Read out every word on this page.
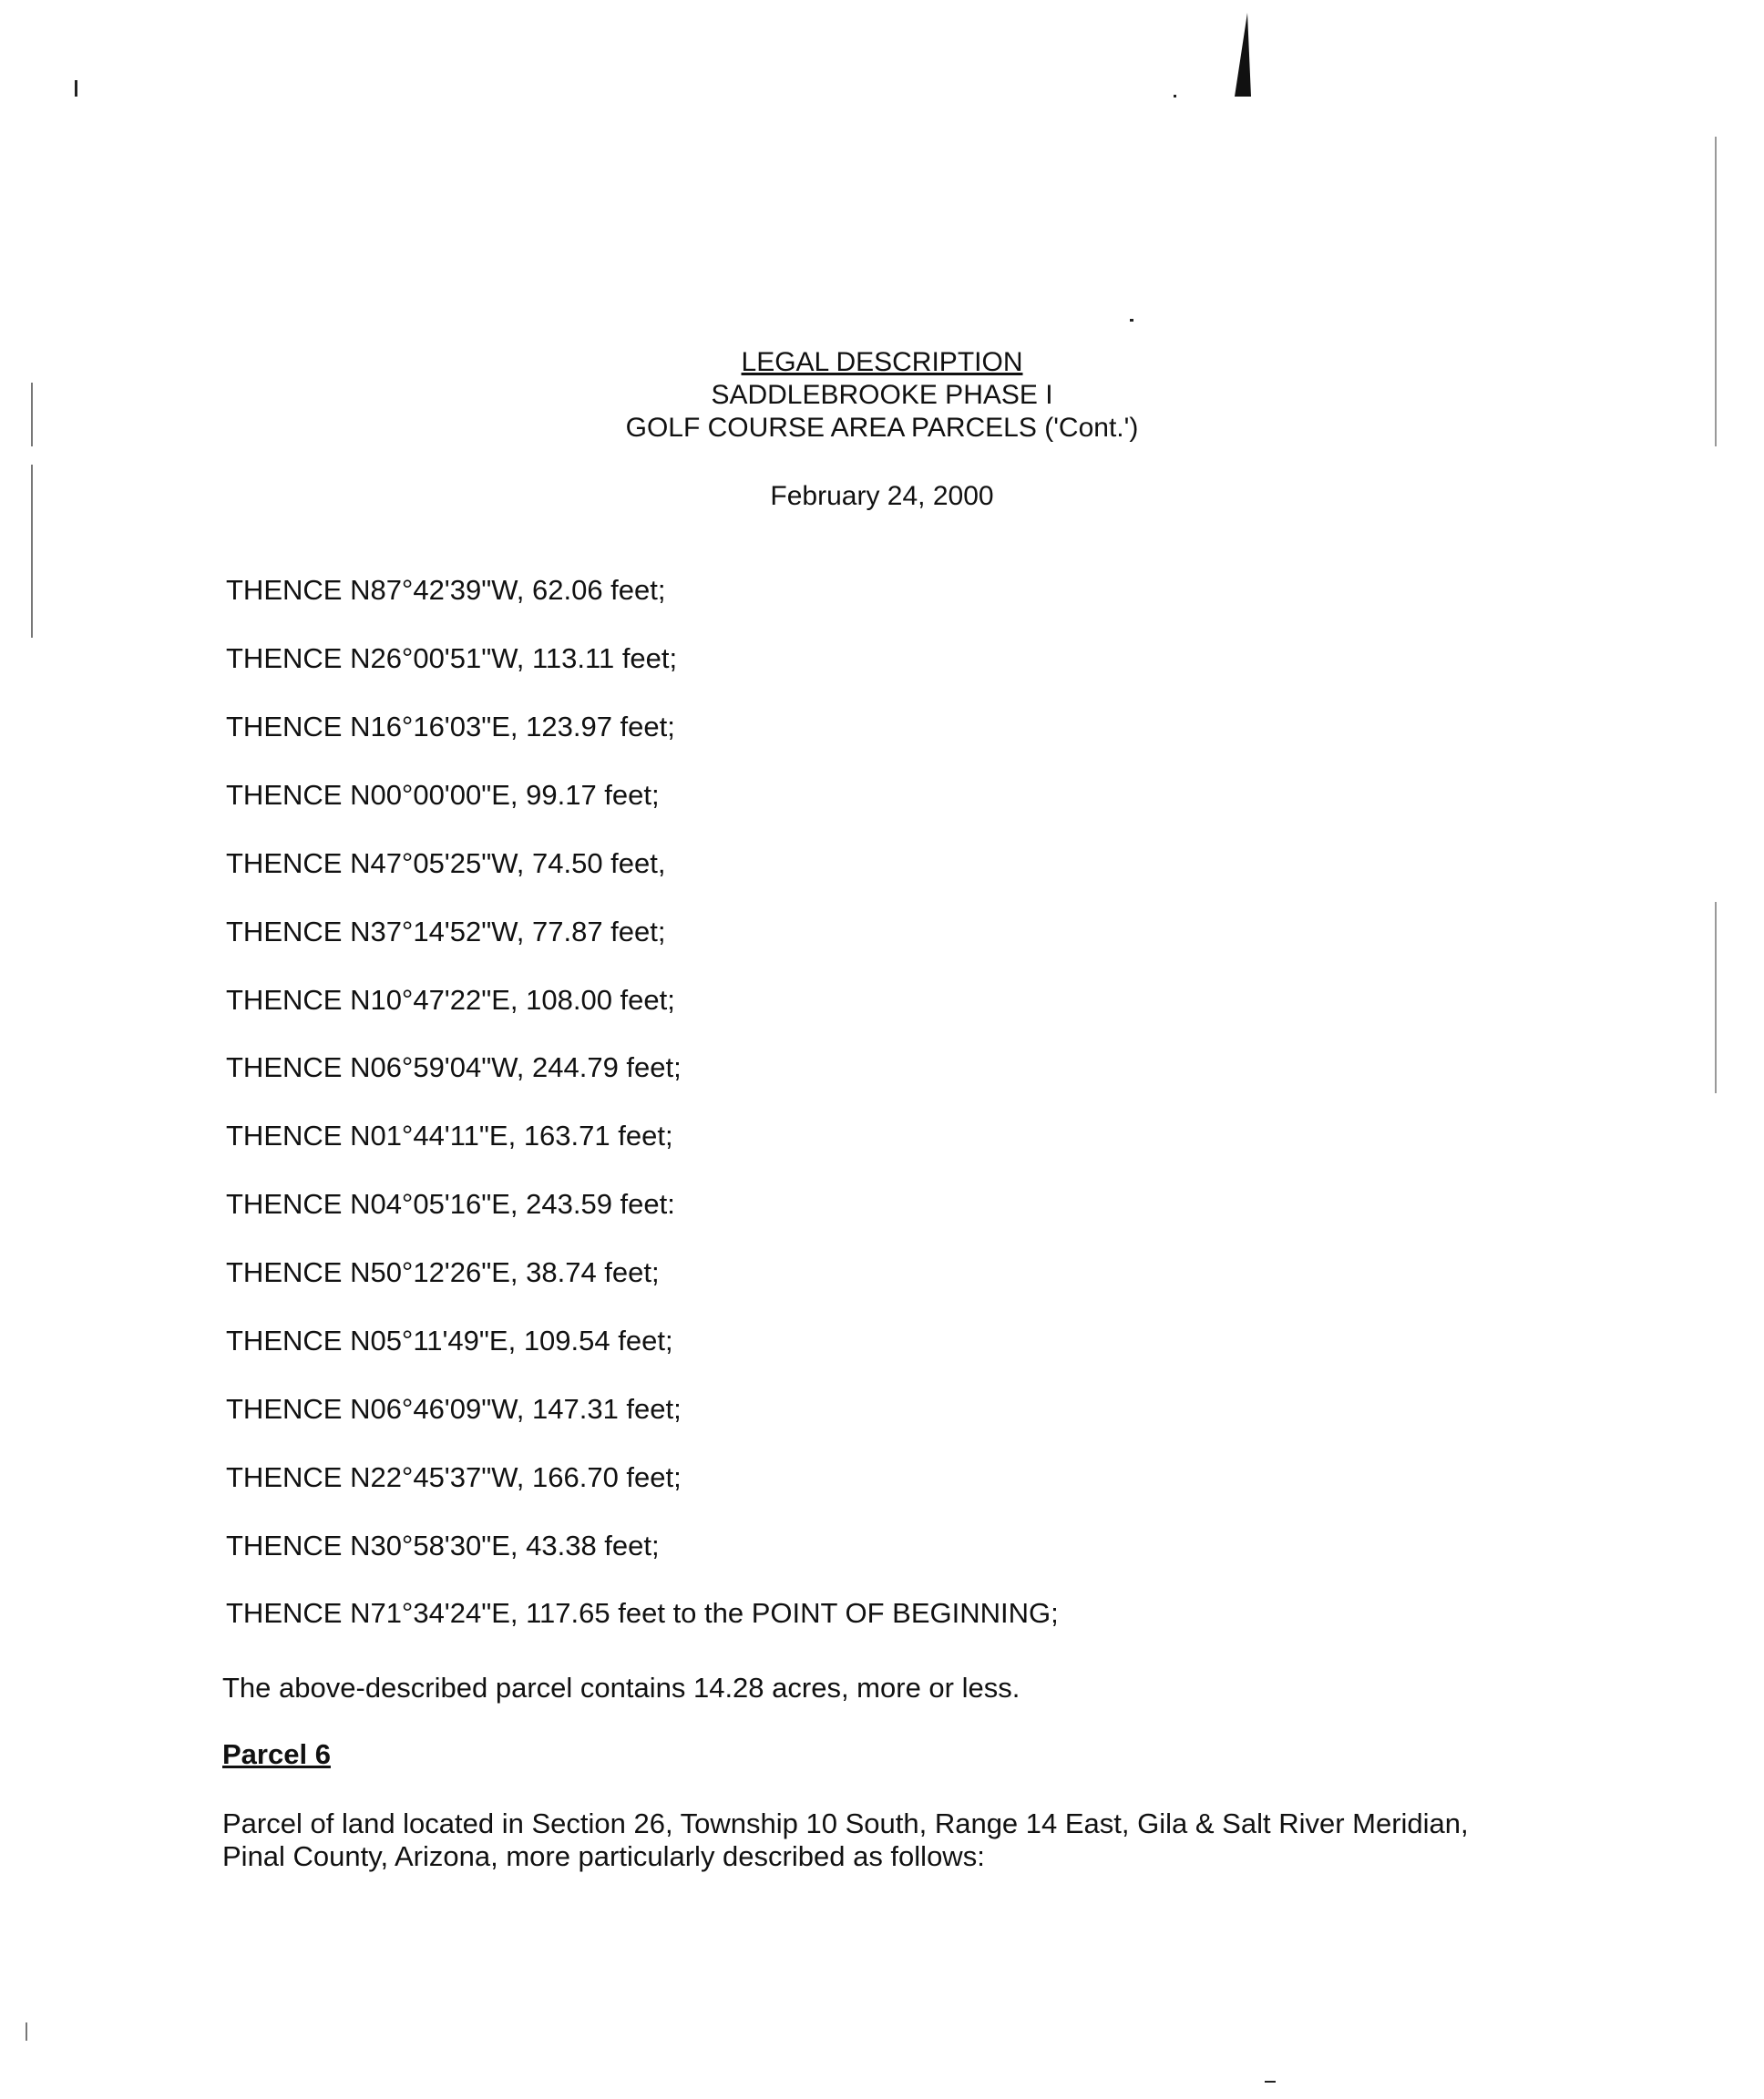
LEGAL DESCRIPTION
SADDLEBROOKE PHASE I
GOLF COURSE AREA PARCELS ('Cont.')
February 24, 2000
THENCE N87°42'39"W, 62.06 feet;
THENCE N26°00'51"W, 113.11 feet;
THENCE N16°16'03"E, 123.97 feet;
THENCE N00°00'00"E, 99.17 feet;
THENCE N47°05'25"W, 74.50 feet,
THENCE N37°14'52"W, 77.87 feet;
THENCE N10°47'22"E, 108.00 feet;
THENCE N06°59'04"W, 244.79 feet;
THENCE N01°44'11"E, 163.71 feet;
THENCE N04°05'16"E, 243.59 feet:
THENCE N50°12'26"E, 38.74 feet;
THENCE N05°11'49"E, 109.54 feet;
THENCE N06°46'09"W, 147.31 feet;
THENCE N22°45'37"W, 166.70 feet;
THENCE N30°58'30"E, 43.38 feet;
THENCE N71°34'24"E, 117.65 feet to the POINT OF BEGINNING;
The above-described parcel contains 14.28 acres, more or less.
Parcel 6
Parcel of land located in Section 26, Township 10 South, Range 14 East, Gila & Salt River Meridian, Pinal County, Arizona, more particularly described as follows:
